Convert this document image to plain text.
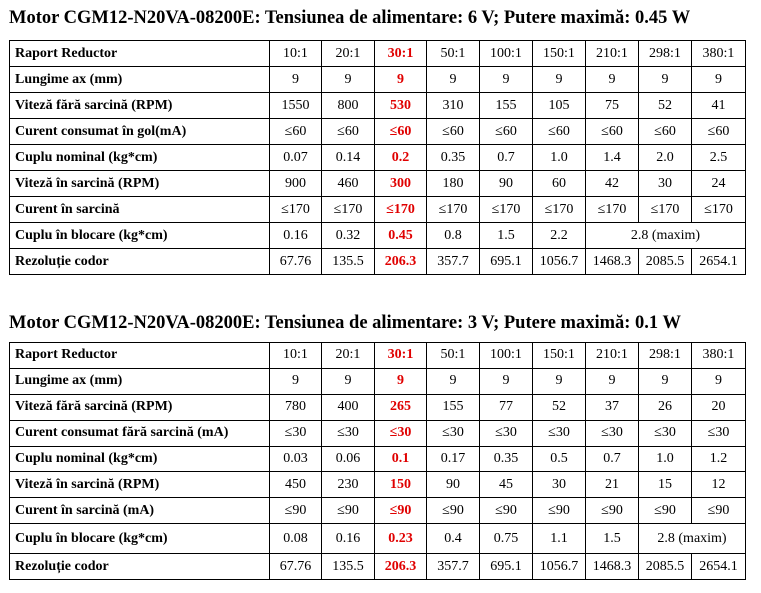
Motor CGM12-N20VA-08200E: Tensiunea de alimentare: 6 V; Putere maximă: 0.45 W
Raport Reductor	10:1	20:1	30:1	50:1	100:1	150:1	210:1	298:1	380:1
Lungime ax (mm)	9	9	9	9	9	9	9	9	9
Viteză fără sarcină (RPM)	1550	800	530	310	155	105	75	52	41
Curent consumat în gol(mA)	≤60	≤60	≤60	≤60	≤60	≤60	≤60	≤60	≤60
Cuplu nominal (kg*cm)	0.07	0.14	0.2	0.35	0.7	1.0	1.4	2.0	2.5
Viteză în sarcină (RPM)	900	460	300	180	90	60	42	30	24
Curent în sarcină	≤170	≤170	≤170	≤170	≤170	≤170	≤170	≤170	≤170
Cuplu în blocare (kg*cm)	0.16	0.32	0.45	0.8	1.5	2.2	2.8 (maxim)		
Rezoluție codor	67.76	135.5	206.3	357.7	695.1	1056.7	1468.3	2085.5	2654.1
Motor CGM12-N20VA-08200E: Tensiunea de alimentare: 3 V; Putere maximă: 0.1 W
Raport Reductor	10:1	20:1	30:1	50:1	100:1	150:1	210:1	298:1	380:1
Lungime ax (mm)	9	9	9	9	9	9	9	9	9
Viteză fără sarcină (RPM)	780	400	265	155	77	52	37	26	20
Curent consumat fără sarcină (mA)	≤30	≤30	≤30	≤30	≤30	≤30	≤30	≤30	≤30
Cuplu nominal (kg*cm)	0.03	0.06	0.1	0.17	0.35	0.5	0.7	1.0	1.2
Viteză în sarcină (RPM)	450	230	150	90	45	30	21	15	12
Curent în sarcină (mA)	≤90	≤90	≤90	≤90	≤90	≤90	≤90	≤90	≤90
Cuplu în blocare (kg*cm)	0.08	0.16	0.23	0.4	0.75	1.1	1.5	2.8 (maxim)	
Rezoluție codor	67.76	135.5	206.3	357.7	695.1	1056.7	1468.3	2085.5	2654.1
